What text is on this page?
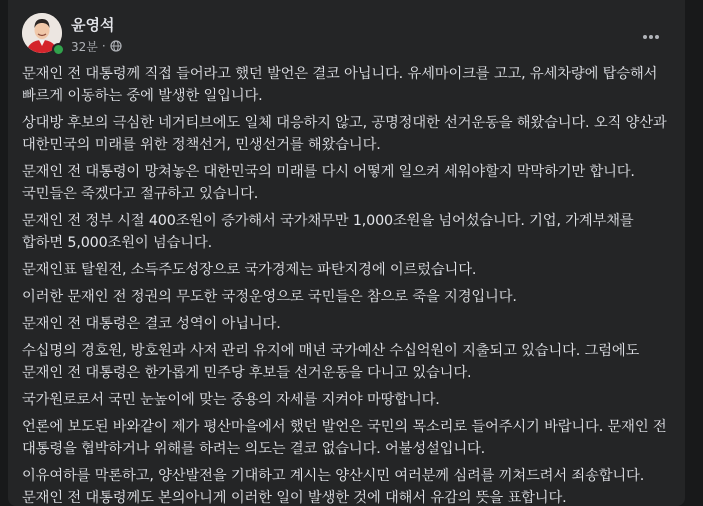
윤영석
32분 ·
문재인 전 대통령께 직접 들어라고 했던 발언은 결코 아닙니다. 유세마이크를 고고, 유세차량에 탑승해서 빠르게 이동하는 중에 발생한 일입니다.
상대방 후보의 극심한 네거티브에도 일체 대응하지 않고, 공명정대한 선거운동을 해왔습니다. 오직 양산과 대한민국의 미래를 위한 정책선거, 민생선거를 해왔습니다.
문재인 전 대통령이 망쳐놓은 대한민국의 미래를 다시 어떻게 일으켜 세워야할지 막막하기만 합니다. 국민들은 죽겠다고 절규하고 있습니다.
문재인 전 정부 시절 400조원이 증가해서 국가채무만 1,000조원을 넘어섰습니다. 기업, 가계부채를 합하면 5,000조원이 넘습니다.
문재인표 탈원전, 소득주도성장으로 국가경제는 파탄지경에 이르렀습니다.
이러한 문재인 전 정권의 무도한 국정운영으로 국민들은 참으로 죽을 지경입니다.
문재인 전 대통령은 결코 성역이 아닙니다.
수십명의 경호원, 방호원과 사저 관리 유지에 매년 국가예산 수십억원이 지출되고 있습니다. 그럼에도 문재인 전 대통령은 한가롭게 민주당 후보들 선거운동을 다니고 있습니다.
국가원로로서 국민 눈높이에 맞는 중용의 자세를 지켜야 마땅합니다.
언론에 보도된 바와같이 제가 평산마을에서 했던 발언은 국민의 목소리로 들어주시기 바랍니다. 문재인 전 대통령을 협박하거나 위해를 하려는 의도는 결코 없습니다. 어불성설입니다.
이유여하를 막론하고, 양산발전을 기대하고 계시는 양산시민 여러분께 심려를 끼쳐드려서 죄송합니다. 문재인 전 대통령께도 본의아니게 이러한 일이 발생한 것에 대해서 유감의 뜻을 표합니다.
